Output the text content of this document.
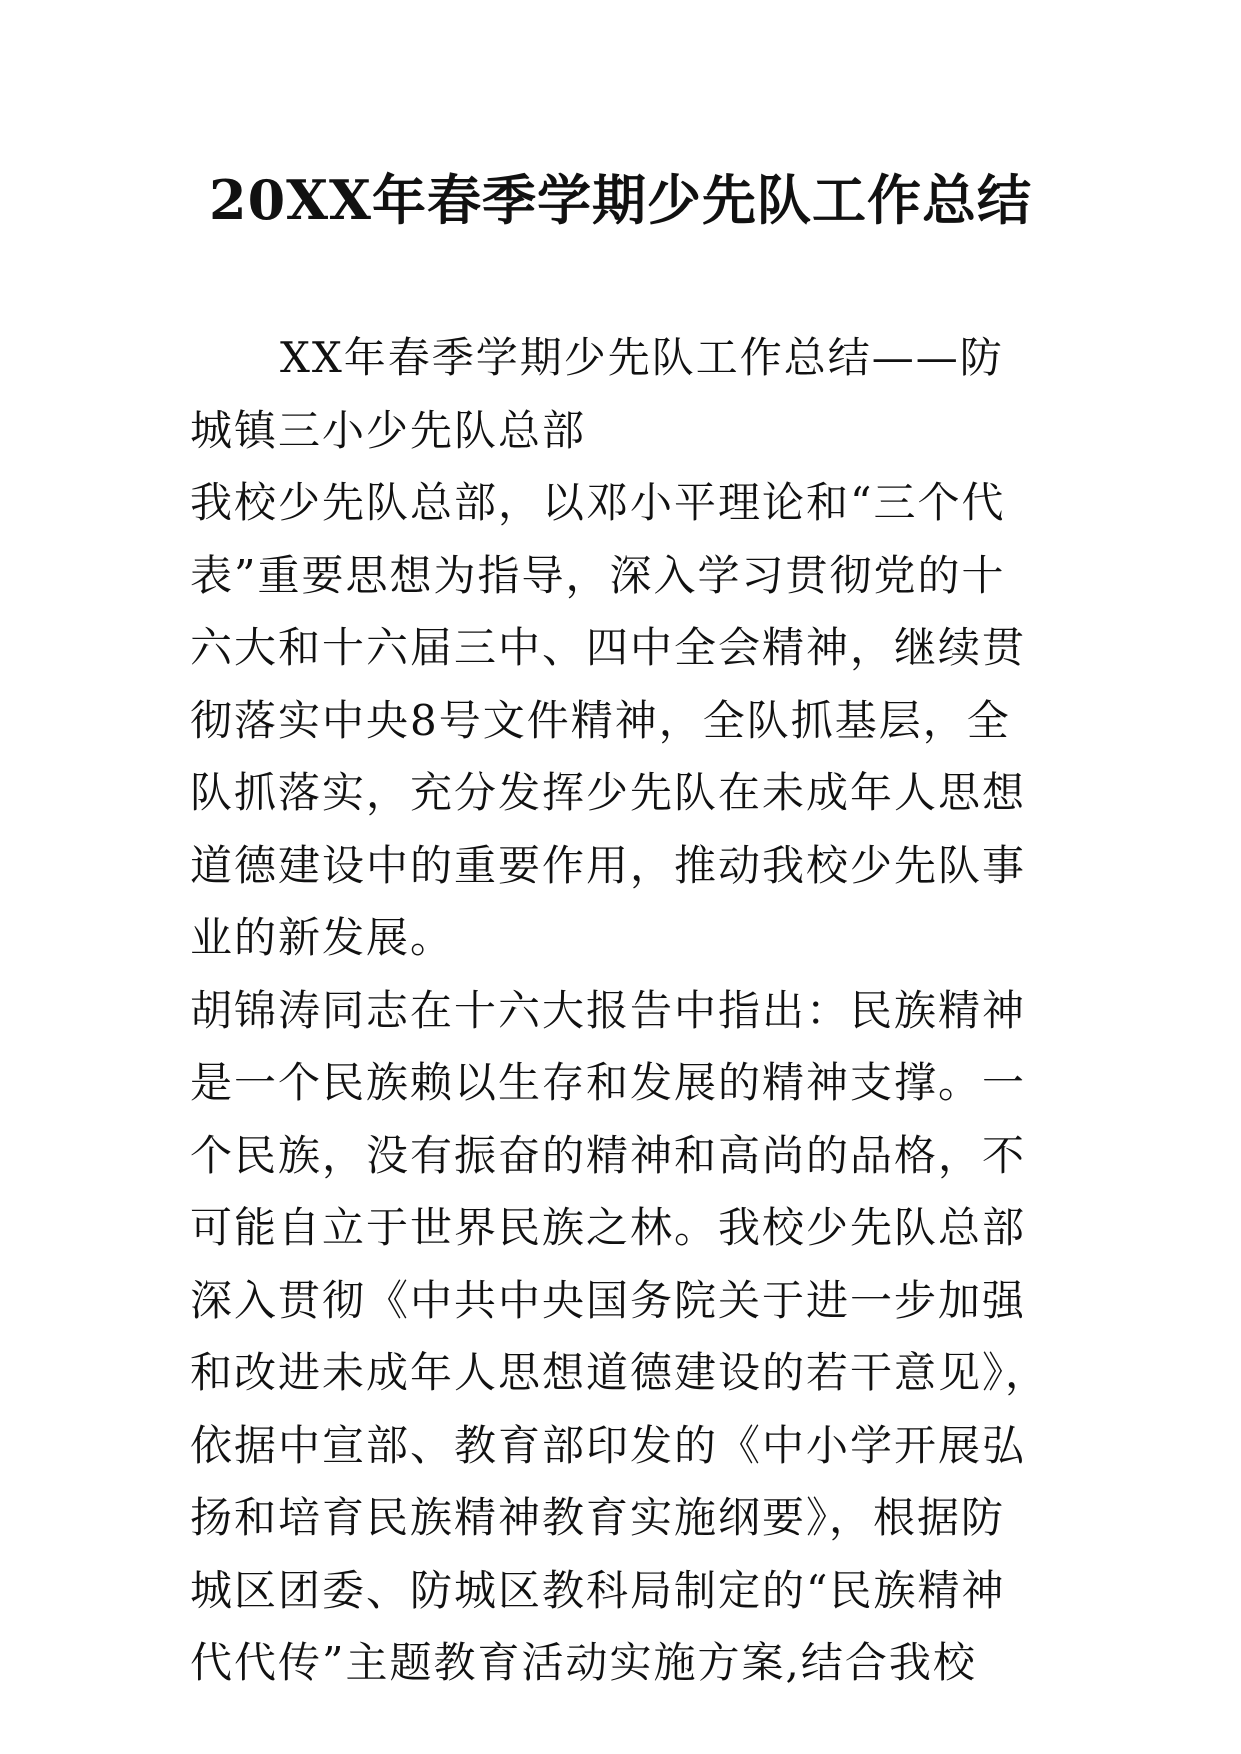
20XX年春季学期少先队工作总结
XX年春季学期少先队工作总结——防
城镇三小少先队总部
我校少先队总部，以邓小平理论和“三个代
表”重要思想为指导，深入学习贯彻党的十
六大和十六届三中、四中全会精神，继续贯
彻落实中央8号文件精神，全队抓基层，全
队抓落实，充分发挥少先队在未成年人思想
道德建设中的重要作用，推动我校少先队事
业的新发展。
胡锦涛同志在十六大报告中指出：民族精神
是一个民族赖以生存和发展的精神支撑。一
个民族，没有振奋的精神和高尚的品格，不
可能自立于世界民族之林。我校少先队总部
深入贯彻《中共中央国务院关于进一步加强
和改进未成年人思想道德建设的若干意见》，
依据中宣部、教育部印发的《中小学开展弘
扬和培育民族精神教育实施纲要》，根据防
城区团委、防城区教科局制定的“民族精神
代代传”主题教育活动实施方案,结合我校
